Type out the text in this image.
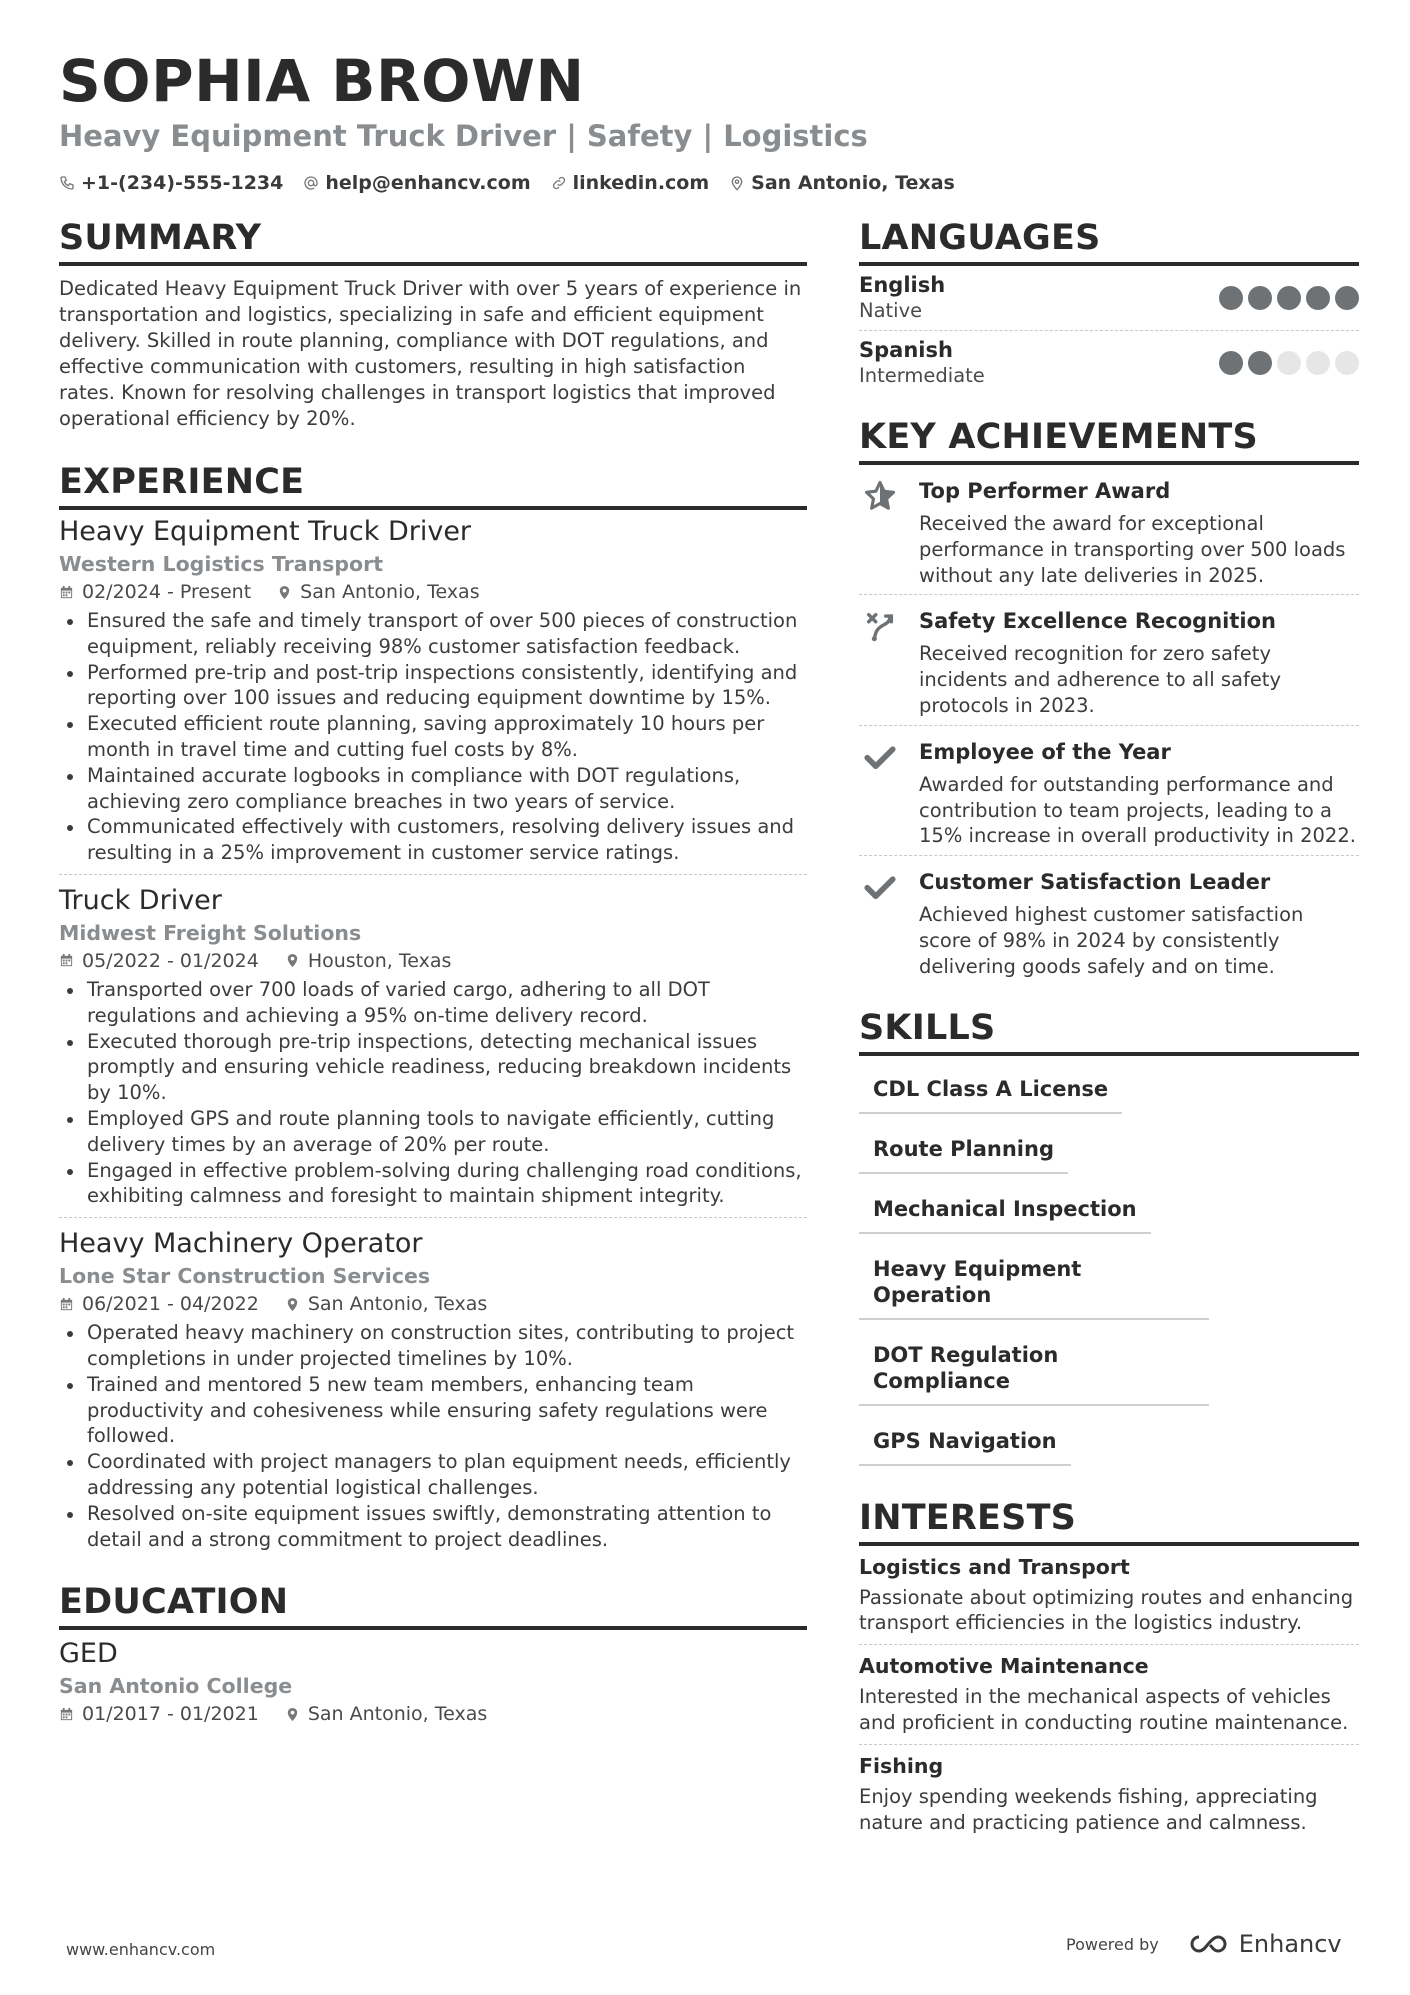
SOPHIA BROWN
Heavy Equipment Truck Driver | Safety | Logistics
+1-(234)-555-1234 help@enhancv.com linkedin.com San Antonio, Texas
SUMMARY
Dedicated Heavy Equipment Truck Driver with over 5 years of experience in transportation and logistics, specializing in safe and efficient equipment delivery. Skilled in route planning, compliance with DOT regulations, and effective communication with customers, resulting in high satisfaction rates. Known for resolving challenges in transport logistics that improved operational efficiency by 20%.
EXPERIENCE
Heavy Equipment Truck Driver
Western Logistics Transport
02/2024 - Present	San Antonio, Texas
Ensured the safe and timely transport of over 500 pieces of construction equipment, reliably receiving 98% customer satisfaction feedback.
Performed pre-trip and post-trip inspections consistently, identifying and reporting over 100 issues and reducing equipment downtime by 15%.
Executed efficient route planning, saving approximately 10 hours per month in travel time and cutting fuel costs by 8%.
Maintained accurate logbooks in compliance with DOT regulations, achieving zero compliance breaches in two years of service.
Communicated effectively with customers, resolving delivery issues and resulting in a 25% improvement in customer service ratings.
Truck Driver
Midwest Freight Solutions
05/2022 - 01/2024	Houston, Texas
Transported over 700 loads of varied cargo, adhering to all DOT regulations and achieving a 95% on-time delivery record.
Executed thorough pre-trip inspections, detecting mechanical issues promptly and ensuring vehicle readiness, reducing breakdown incidents by 10%.
Employed GPS and route planning tools to navigate efficiently, cutting delivery times by an average of 20% per route.
Engaged in effective problem-solving during challenging road conditions, exhibiting calmness and foresight to maintain shipment integrity.
Heavy Machinery Operator
Lone Star Construction Services
06/2021 - 04/2022	San Antonio, Texas
Operated heavy machinery on construction sites, contributing to project completions in under projected timelines by 10%.
Trained and mentored 5 new team members, enhancing team productivity and cohesiveness while ensuring safety regulations were followed.
Coordinated with project managers to plan equipment needs, efficiently addressing any potential logistical challenges.
Resolved on-site equipment issues swiftly, demonstrating attention to detail and a strong commitment to project deadlines.
EDUCATION
GED
San Antonio College
01/2017 - 01/2021	San Antonio, Texas
LANGUAGES
English
Native
Spanish
Intermediate
KEY ACHIEVEMENTS
Top Performer Award
Received the award for exceptional performance in transporting over 500 loads without any late deliveries in 2025.
Safety Excellence Recognition
Received recognition for zero safety incidents and adherence to all safety protocols in 2023.
Employee of the Year
Awarded for outstanding performance and contribution to team projects, leading to a 15% increase in overall productivity in 2022.
Customer Satisfaction Leader
Achieved highest customer satisfaction score of 98% in 2024 by consistently delivering goods safely and on time.
SKILLS
CDL Class A License
Route Planning
Mechanical Inspection
Heavy Equipment Operation
DOT Regulation Compliance
GPS Navigation
INTERESTS
Logistics and Transport
Passionate about optimizing routes and enhancing transport efficiencies in the logistics industry.
Automotive Maintenance
Interested in the mechanical aspects of vehicles and proficient in conducting routine maintenance.
Fishing
Enjoy spending weekends fishing, appreciating nature and practicing patience and calmness.
www.enhancv.com	Powered by	Enhancv
